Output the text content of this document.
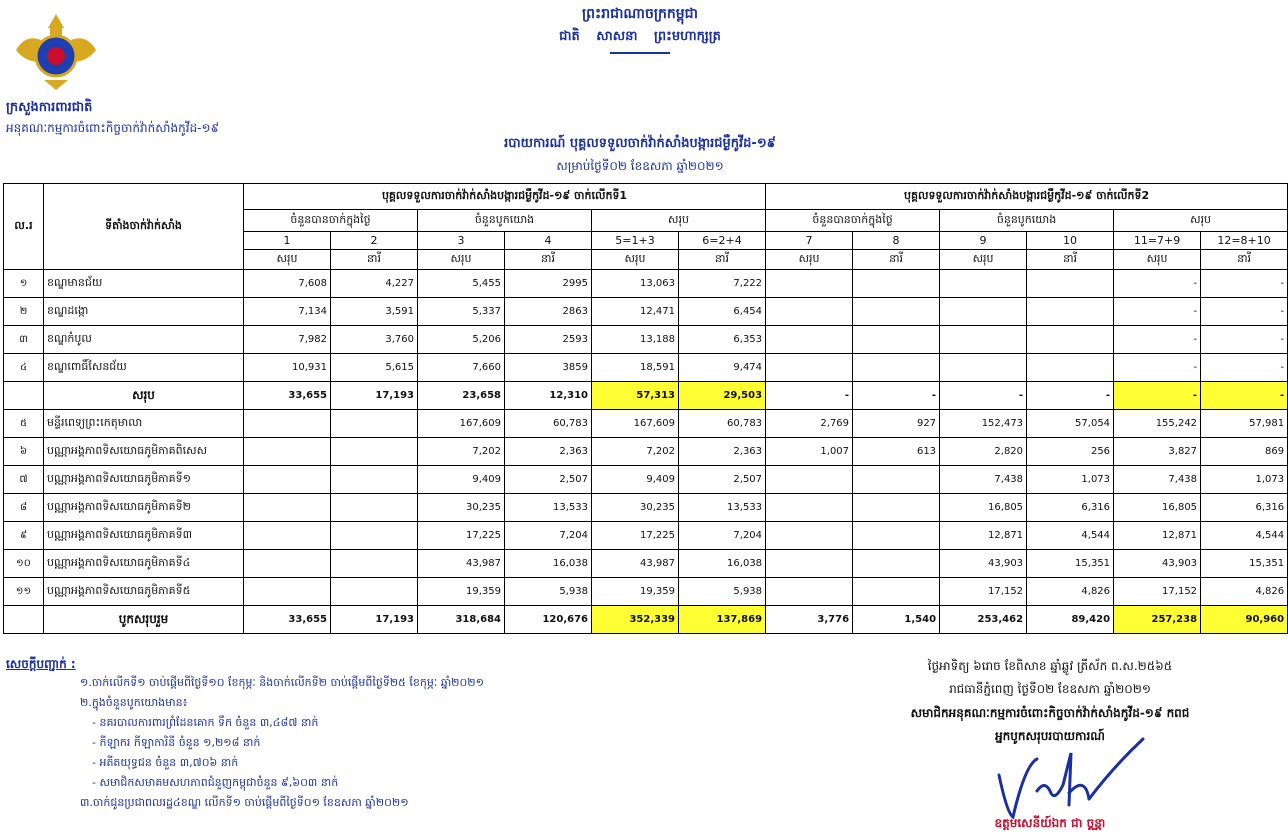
ក្រសួងការពារជាតិ
អនុគណៈកម្មការចំពោះកិច្ចចាក់វ៉ាក់សាំងកូវីដ-១៩
ព្រះរាជាណាចក្រកម្ពុជា
ជាតិ សាសនា ព្រះមហាក្សត្រ
របាយការណ៍ បុគ្គលទទួលចាក់វ៉ាក់សាំងបង្ការជម្ងឺកូវីដ-១៩
សម្រាប់ថ្ងៃទី០២ ខែឧសភា ឆ្នាំ២០២១
ល.រ	ទីតាំងចាក់វ៉ាក់សាំង	បុគ្គលទទួលការចាក់វ៉ាក់សាំងបង្ការជម្ងឺកូវីដ-១៩ ចាក់លើកទី1						បុគ្គលទទួលការចាក់វ៉ាក់សាំងបង្ការជម្ងឺកូវីដ-១៩ ចាក់លើកទី2					
		ចំនួនបានចាក់ក្នុងថ្ងៃ		ចំនួនបូកយោង		សរុប		ចំនួនបានចាក់ក្នុងថ្ងៃ		ចំនួនបូកយោង		សរុប	
		1	2	3	4	5=1+3	6=2+4	7	8	9	10	11=7+9	12=8+10
		សរុប	នារី	សរុប	នារី	សរុប	នារី	សរុប	នារី	សរុប	នារី	សរុប	នារី
១	ខណ្ឌមានជ័យ	7,608	4,227	5,455	2995	13,063	7,222					-	-
២	ខណ្ឌដង្កោ	7,134	3,591	5,337	2863	12,471	6,454					-	-
៣	ខណ្ឌកំបូល	7,982	3,760	5,206	2593	13,188	6,353					-	-
៤	ខណ្ឌពោធិ៍សែនជ័យ	10,931	5,615	7,660	3859	18,591	9,474					-	-
	សរុប	33,655	17,193	23,658	12,310	57,313	29,503	-	-	-	-	-	-
៥	មន្ទីរពេទ្យព្រះកេតុមាលា			167,609	60,783	167,609	60,783	2,769	927	152,473	57,054	155,242	57,981
៦	បណ្ណាអង្គភាពទិសយោធភូមិភាគពិសេស			7,202	2,363	7,202	2,363	1,007	613	2,820	256	3,827	869
៧	បណ្ណាអង្គភាពទិសយោធភូមិភាគទី១			9,409	2,507	9,409	2,507			7,438	1,073	7,438	1,073
៨	បណ្ណាអង្គភាពទិសយោធភូមិភាគទី២			30,235	13,533	30,235	13,533			16,805	6,316	16,805	6,316
៩	បណ្ណាអង្គភាពទិសយោធភូមិភាគទី៣			17,225	7,204	17,225	7,204			12,871	4,544	12,871	4,544
១០	បណ្ណាអង្គភាពទិសយោធភូមិភាគទី៤			43,987	16,038	43,987	16,038			43,903	15,351	43,903	15,351
១១	បណ្ណាអង្គភាពទិសយោធភូមិភាគទី៥			19,359	5,938	19,359	5,938			17,152	4,826	17,152	4,826
	បូកសរុបរួម	33,655	17,193	318,684	120,676	352,339	137,869	3,776	1,540	253,462	89,420	257,238	90,960
សេចក្ដីបញ្ជាក់ :
១.ចាក់លើកទី១ ចាប់ផ្ដើមពីថ្ងៃទី១០ ខែកុម្ភៈ និងចាក់លើកទី២ ចាប់ផ្ដើមពីថ្ងៃទី២៥ ខែកុម្ភៈ ឆ្នាំ២០២១
២.ក្នុងចំនួនបូកយោងមាន៖
- នគរបាលការពារព្រំដែនគោក ទឹក ចំនួន ៣,៤៨៧ នាក់
- កីឡាករ កីឡាការិនី ចំនួន ១,២១៨ នាក់
- អតីតយុទ្ធជន ចំនួន ៣,៧០៦ នាក់
- សមាជិកសមាគមសហភាពជំនួញកម្ពុជាចំនួន ៩,៦០៣ នាក់
៣.ចាក់ជូនប្រជាពលរដ្ឋ៤ខណ្ឌ លើកទី១ ចាប់ផ្ដើមពីថ្ងៃទី០១ ខែឧសភា ឆ្នាំ២០២១
ថ្ងៃអាទិត្យ ៦រោច ខែពិសាខ ឆ្នាំឆ្លូវ ត្រីស័ក ព.ស.២៥៦៥
រាជធានីភ្នំពេញ ថ្ងៃទី០២ ខែឧសភា ឆ្នាំ២០២១
សមាជិកអនុគណៈកម្មការចំពោះកិច្ចចាក់វ៉ាក់សាំងកូវីដ-១៩ កពជ
អ្នកបូកសរុបរបាយការណ៍
ឧត្តមសេនីយ៍ឯក ជា ចន្ណ្ណា
